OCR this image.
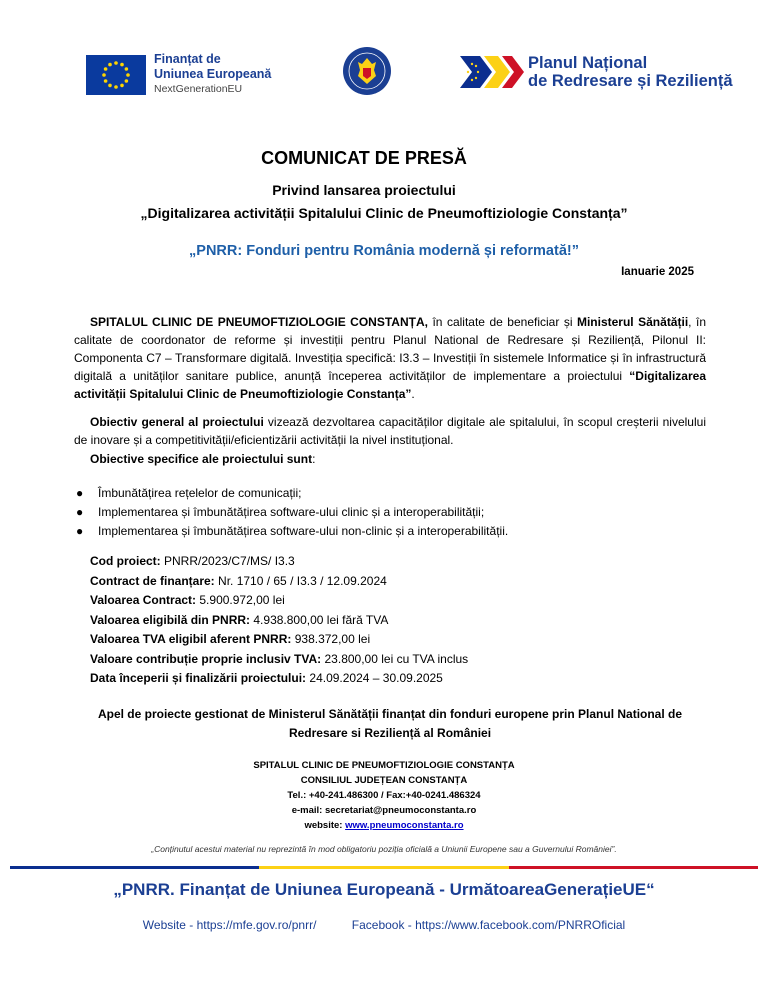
Finanțat de
Uniunea Europeană
NextGenerationEU
Planul Național
de Redresare și Reziliență
COMUNICAT DE PRESĂ
Privind lansarea proiectului
„Digitalizarea activității Spitalului Clinic de Pneumoftiziologie Constanța”
„PNRR: Fonduri pentru România modernă și reformată!”
Ianuarie 2025
SPITALUL CLINIC DE PNEUMOFTIZIOLOGIE CONSTANȚA, în calitate de beneficiar și Ministerul Sănătății, în calitate de coordonator de reforme și investiții pentru Planul National de Redresare și Reziliență, Pilonul II: Componenta C7 – Transformare digitală. Investiția specifică: I3.3 – Investiții în sistemele Informatice și în infrastructură digitală a unităților sanitare publice, anunță începerea activităților de implementare a proiectului “Digitalizarea activității Spitalului Clinic de Pneumoftiziologie Constanța”.
Obiectiv general al proiectului vizează dezvoltarea capacităților digitale ale spitalului, în scopul creșterii nivelului de inovare și a competitivității/eficientizării activității la nivel instituțional.
Obiective specifice ale proiectului sunt:
●	Îmbunătățirea rețelelor de comunicații;
●	Implementarea și îmbunătățirea software-ului clinic și a interoperabilității;
●	Implementarea și îmbunătățirea software-ului non-clinic și a interoperabilității.
Cod proiect: PNRR/2023/C7/MS/ I3.3
Contract de finanțare: Nr. 1710 / 65 / I3.3 / 12.09.2024
Valoarea Contract: 5.900.972,00 lei
Valoarea eligibilă din PNRR: 4.938.800,00 lei fără TVA
Valoarea TVA eligibil aferent PNRR: 938.372,00 lei
Valoare contribuție proprie inclusiv TVA: 23.800,00 lei cu TVA inclus
Data începerii și finalizării proiectului: 24.09.2024 – 30.09.2025
Apel de proiecte gestionat de Ministerul Sănătății finanțat din fonduri europene prin Planul National de
Redresare si Reziliență al României
SPITALUL CLINIC DE PNEUMOFTIZIOLOGIE CONSTANȚA
CONSILIUL JUDEȚEAN CONSTANȚA
Tel.: +40-241.486300 / Fax:+40-0241.486324
e-mail: secretariat@pneumoconstanta.ro
website: www.pneumoconstanta.ro
„Conținutul acestui material nu reprezintă în mod obligatoriu poziția oficială a Uniunii Europene sau a Guvernului României”.
„PNRR. Finanțat de Uniunea Europeană - UrmătoareaGenerațieUE“
Website - https://mfe.gov.ro/pnrr/	Facebook - https://www.facebook.com/PNRROficial
